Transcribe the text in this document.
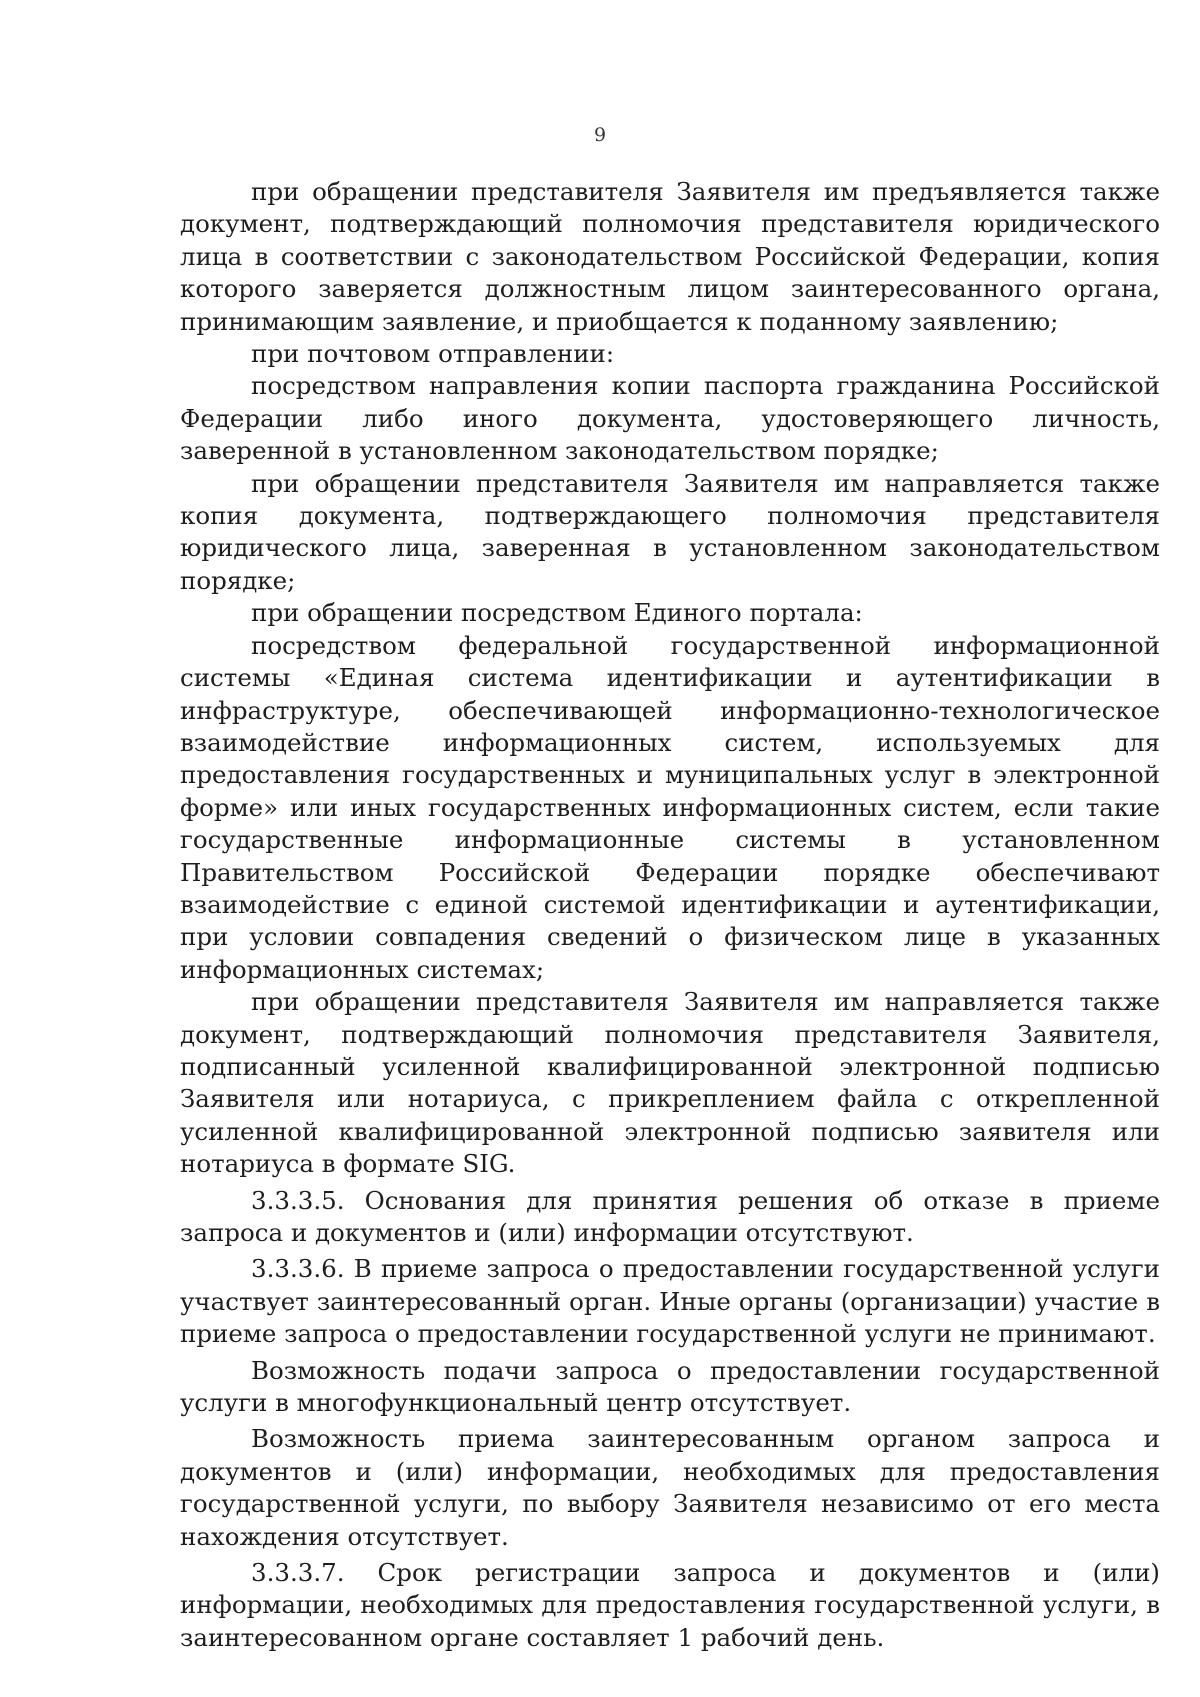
9

при обращении представителя Заявителя им предъявляется также документ, подтверждающий полномочия представителя юридического лица в соответствии с законодательством Российской Федерации, копия которого заверяется должностным лицом заинтересованного органа, принимающим заявление, и приобщается к поданному заявлению;

при почтовом отправлении:

посредством направления копии паспорта гражданина Российской Федерации либо иного документа, удостоверяющего личность, заверенной в установленном законодательством порядке;

при обращении представителя Заявителя им направляется также копия документа, подтверждающего полномочия представителя юридического лица, заверенная в установленном законодательством порядке;

при обращении посредством Единого портала:

посредством федеральной государственной информационной системы «Единая система идентификации и аутентификации в инфраструктуре, обеспечивающей информационно-технологическое взаимодействие информационных систем, используемых для предоставления государственных и муниципальных услуг в электронной форме» или иных государственных информационных систем, если такие государственные информационные системы в установленном Правительством Российской Федерации порядке обеспечивают взаимодействие с единой системой идентификации и аутентификации, при условии совпадения сведений о физическом лице в указанных информационных системах;

при обращении представителя Заявителя им направляется также документ, подтверждающий полномочия представителя Заявителя, подписанный усиленной квалифицированной электронной подписью Заявителя или нотариуса, с прикреплением файла с открепленной усиленной квалифицированной электронной подписью заявителя или нотариуса в формате SIG.

3.3.3.5. Основания для принятия решения об отказе в приеме запроса и документов и (или) информации отсутствуют.

3.3.3.6. В приеме запроса о предоставлении государственной услуги участвует заинтересованный орган. Иные органы (организации) участие в приеме запроса о предоставлении государственной услуги не принимают.

Возможность подачи запроса о предоставлении государственной услуги в многофункциональный центр отсутствует.

Возможность приема заинтересованным органом запроса и документов и (или) информации, необходимых для предоставления государственной услуги, по выбору Заявителя независимо от его места нахождения отсутствует.

3.3.3.7. Срок регистрации запроса и документов и (или) информации, необходимых для предоставления государственной услуги, в заинтересованном органе составляет 1 рабочий день.
